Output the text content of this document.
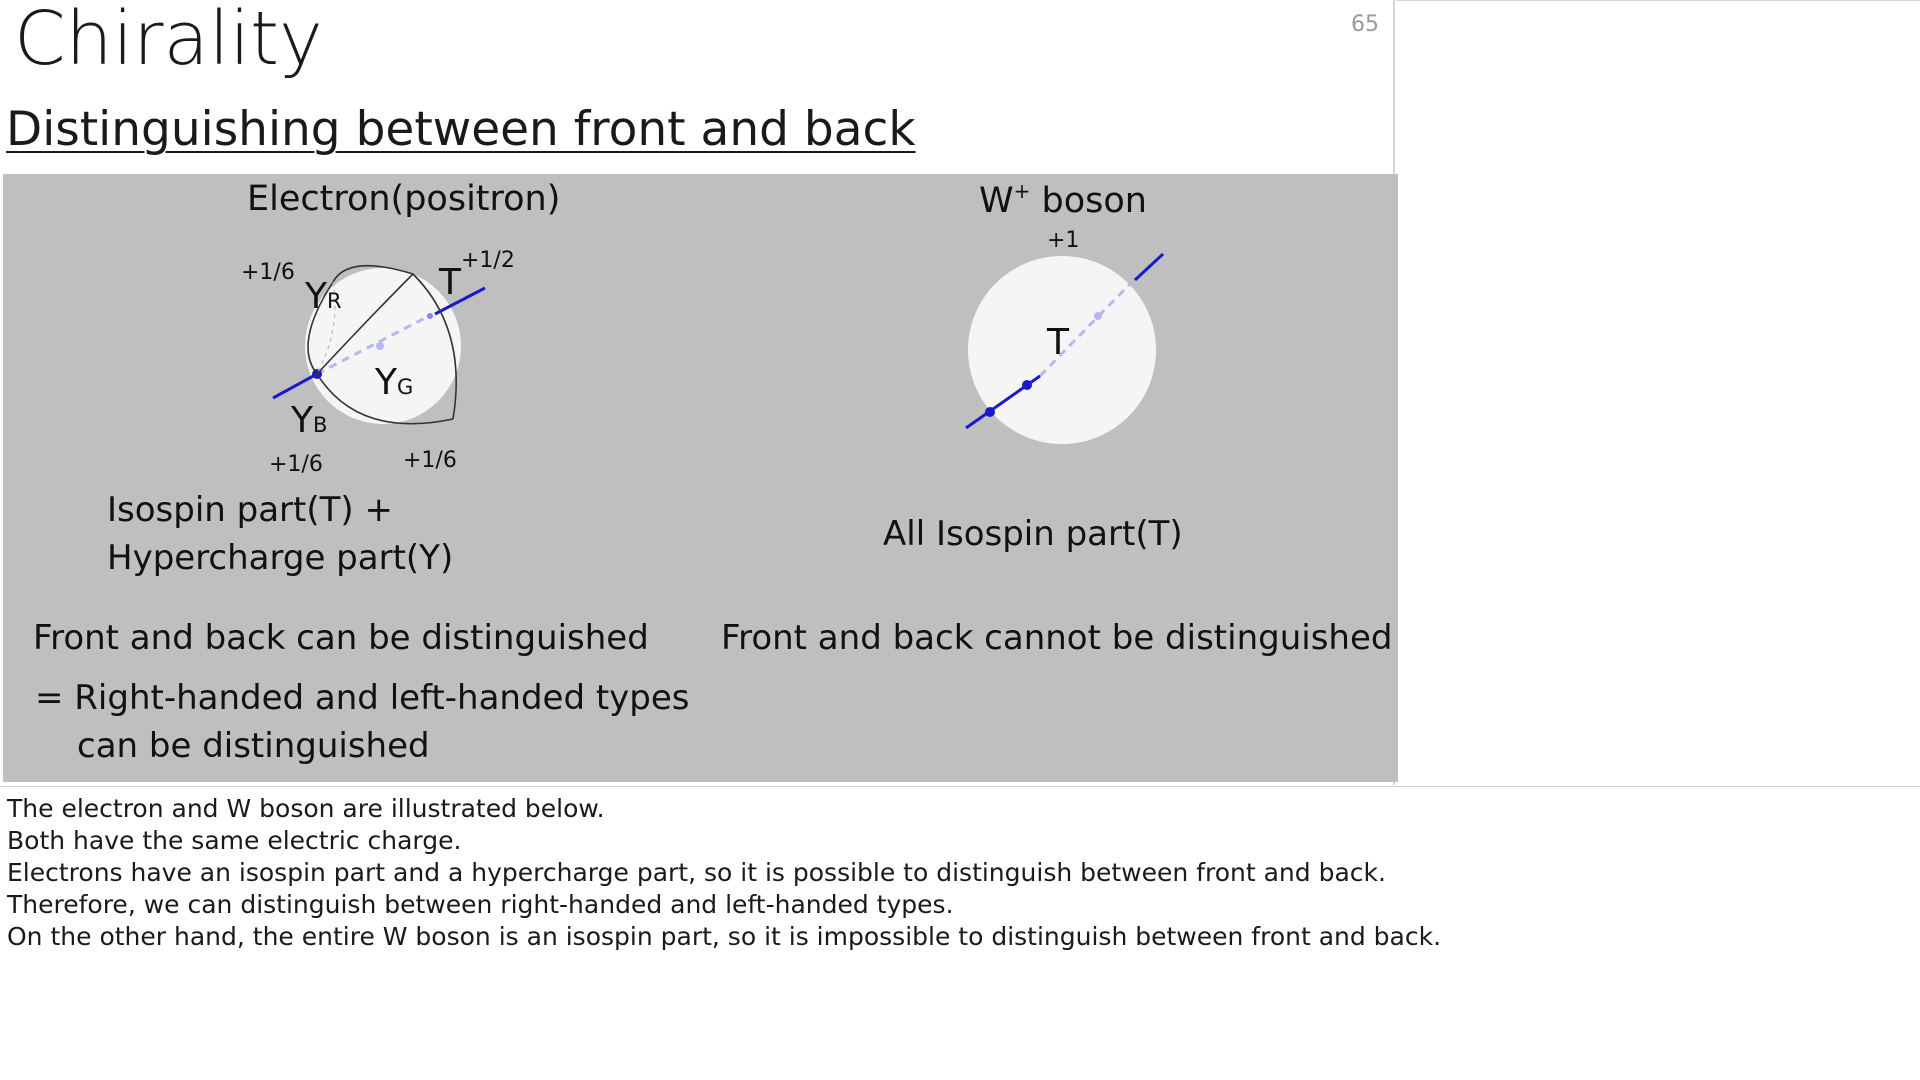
65
Chirality
Distinguishing between front and back
Electron(positron)
+1/6	+1/2
+1/6	+1/6
YR
YG
YB
T
Isospin part(T) +
Hypercharge part(Y)
Front and back can be distinguished
= Right-handed and left-handed types
can be distinguished
W+ boson
+1
T
All Isospin part(T)
Front and back cannot be distinguished

The electron and W boson are illustrated below.

Both have the same electric charge.

Electrons have an isospin part and a hypercharge part, so it is possible to distinguish between front and back.

Therefore, we can distinguish between right-handed and left-handed types.

On the other hand, the entire W boson is an isospin part, so it is impossible to distinguish between front and back.
